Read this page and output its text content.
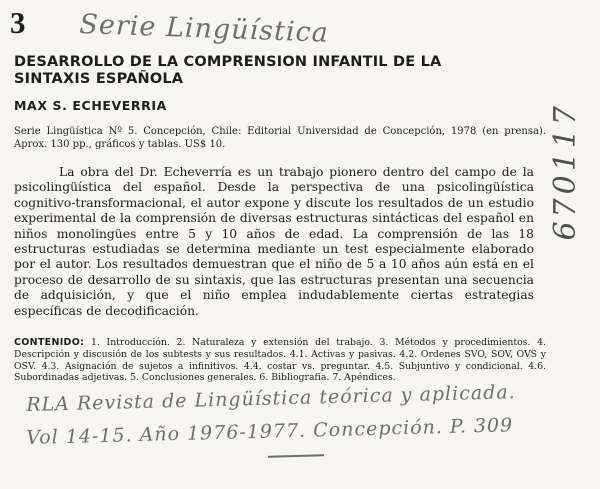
3 Serie Lingüística
670117
DESARROLLO DE LA COMPRENSION INFANTIL DE LA SINTAXIS ESPAÑOLA
MAX S. ECHEVERRIA

Serie Lingüística Nº 5. Concepción, Chile: Editorial Universidad de Concepción, 1978 (en prensa). Aprox. 130 pp., gráficos y tablas. US$ 10.

La obra del Dr. Echeverría es un trabajo pionero dentro del campo de la psicolingüística del español. Desde la perspectiva de una psicolingüística cognitivo-transformacional, el autor expone y discute los resultados de un estudio experimental de la comprensión de diversas estructuras sintácticas del español en niños monolingües entre 5 y 10 años de edad. La comprensión de las 18 estructuras estudiadas se determina mediante un test especialmente elaborado por el autor. Los resultados demuestran que el niño de 5 a 10 años aún está en el proceso de desarrollo de su sintaxis, que las estructuras presentan una secuencia de adquisición, y que el niño emplea indudablemente ciertas estrategias específicas de decodificación.

CONTENIDO: 1. Introducción. 2. Naturaleza y extensión del trabajo. 3. Métodos y procedimientos. 4. Descripción y discusión de los subtests y sus resultados. 4.1. Activas y pasivas. 4.2. Ordenes SVO, SOV, OVS y OSV. 4.3. Asignación de sujetos a infinitivos. 4.4. costar vs. preguntar. 4.5. Subjuntivo y condicional. 4.6. Subordinadas adjetivas. 5. Conclusiones generales. 6. Bibliografía. 7. Apéndices.

RLA Revista de Lingüística teórica y aplicada.
Vol 14-15. Año 1976-1977. Concepción. P. 309
